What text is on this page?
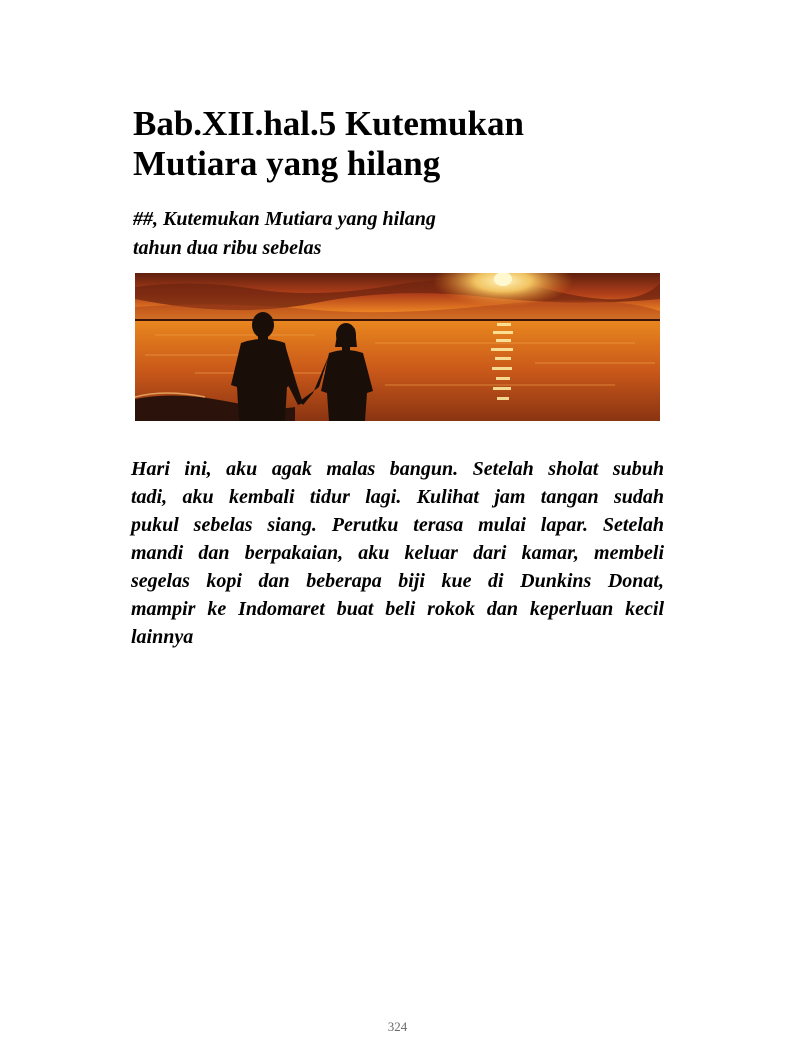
Bab.XII.hal.5 Kutemukan
Mutiara yang hilang

##, Kutemukan Mutiara yang hilang
tahun dua ribu sebelas

Hari ini, aku agak malas bangun. Setelah sholat subuh
tadi, aku kembali tidur lagi. Kulihat jam tangan sudah
pukul sebelas siang. Perutku terasa mulai lapar. Setelah
mandi dan berpakaian, aku keluar dari kamar, membeli
segelas kopi dan beberapa biji kue di Dunkins Donat,
mampir ke Indomaret buat beli rokok dan keperluan kecil
lainnya
324
